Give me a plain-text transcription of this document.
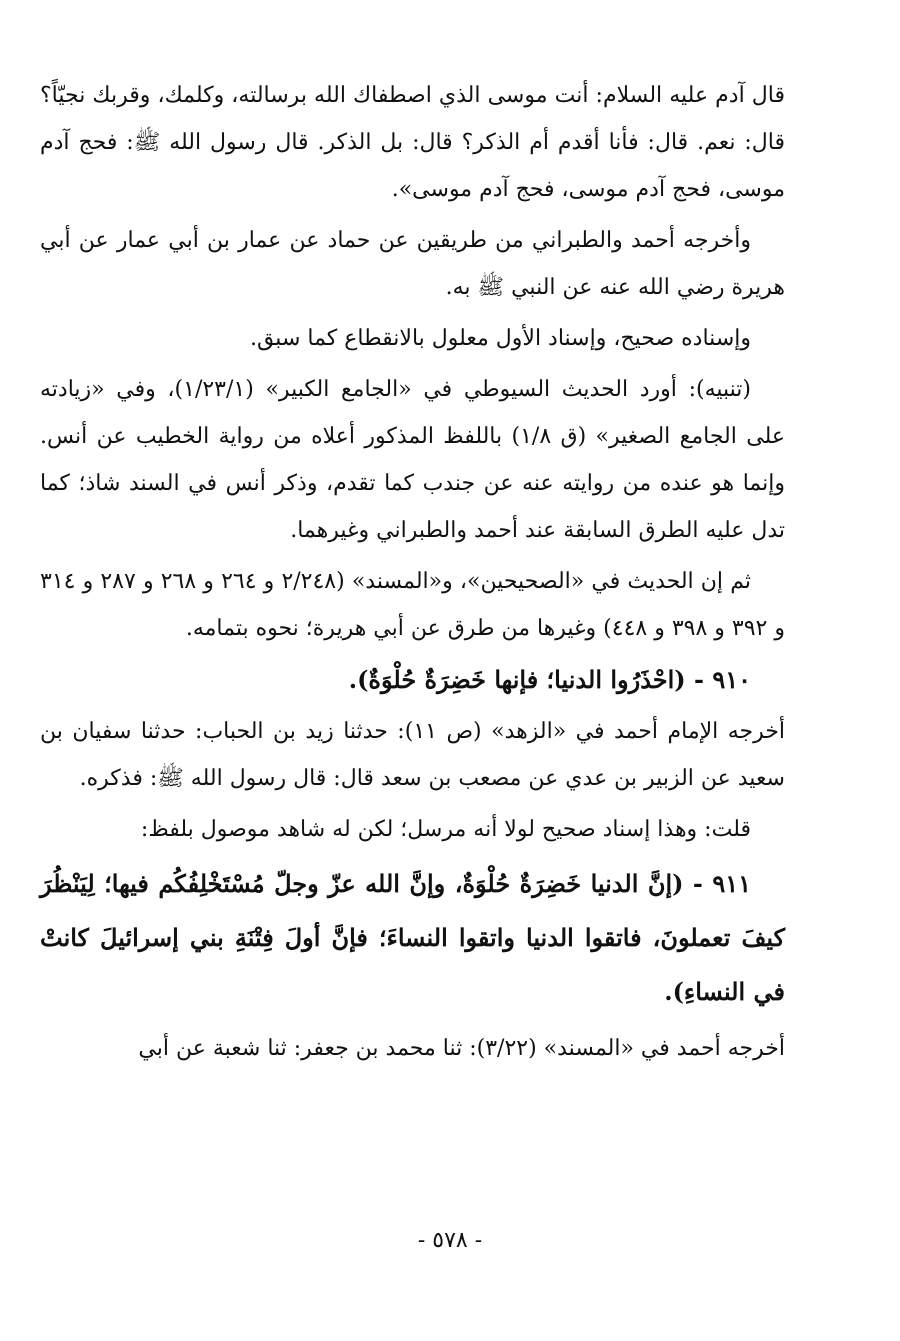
قال آدم عليه السلام: أنت موسى الذي اصطفاك الله برسالته، وكلمك، وقربك نجيّاً؟ قال: نعم. قال: فأنا أقدم أم الذكر؟ قال: بل الذكر. قال رسول الله ﷺ: فحج آدم موسى، فحج آدم موسى، فحج آدم موسى».

وأخرجه أحمد والطبراني من طريقين عن حماد عن عمار بن أبي عمار عن أبي هريرة رضي الله عنه عن النبي ﷺ به.

وإسناده صحيح، وإسناد الأول معلول بالانقطاع كما سبق.

(تنبيه): أورد الحديث السيوطي في «الجامع الكبير» (١/٢٣/١)، وفي «زيادته على الجامع الصغير» (ق ١/٨) باللفظ المذكور أعلاه من رواية الخطيب عن أنس. وإنما هو عنده من روايته عنه عن جندب كما تقدم، وذكر أنس في السند شاذ؛ كما تدل عليه الطرق السابقة عند أحمد والطبراني وغيرهما.

ثم إن الحديث في «الصحيحين»، و«المسند» (٢/٢٤٨ و ٢٦٤ و ٢٦٨ و ٢٨٧ و ٣١٤ و ٣٩٢ و ٣٩٨ و ٤٤٨) وغيرها من طرق عن أبي هريرة؛ نحوه بتمامه.

٩١٠ - (احْذَرُوا الدنيا؛ فإنها خَضِرَةٌ حُلْوَةٌ).

أخرجه الإمام أحمد في «الزهد» (ص ١١): حدثنا زيد بن الحباب: حدثنا سفيان بن سعيد عن الزبير بن عدي عن مصعب بن سعد قال: قال رسول الله ﷺ: فذكره.

قلت: وهذا إسناد صحيح لولا أنه مرسل؛ لكن له شاهد موصول بلفظ:

٩١١ - (إنَّ الدنيا خَضِرَةٌ حُلْوَةٌ، وإنَّ الله عزّ وجلّ مُسْتَخْلِفُكُم فيها؛ لِيَنْظُرَ كيفَ تعملونَ، فاتقوا الدنيا واتقوا النساءَ؛ فإنَّ أولَ فِتْنَةِ بني إسرائيلَ كانتْ في النساءِ).

أخرجه أحمد في «المسند» (٣/٢٢): ثنا محمد بن جعفر: ثنا شعبة عن أبي

- ٥٧٨ -
